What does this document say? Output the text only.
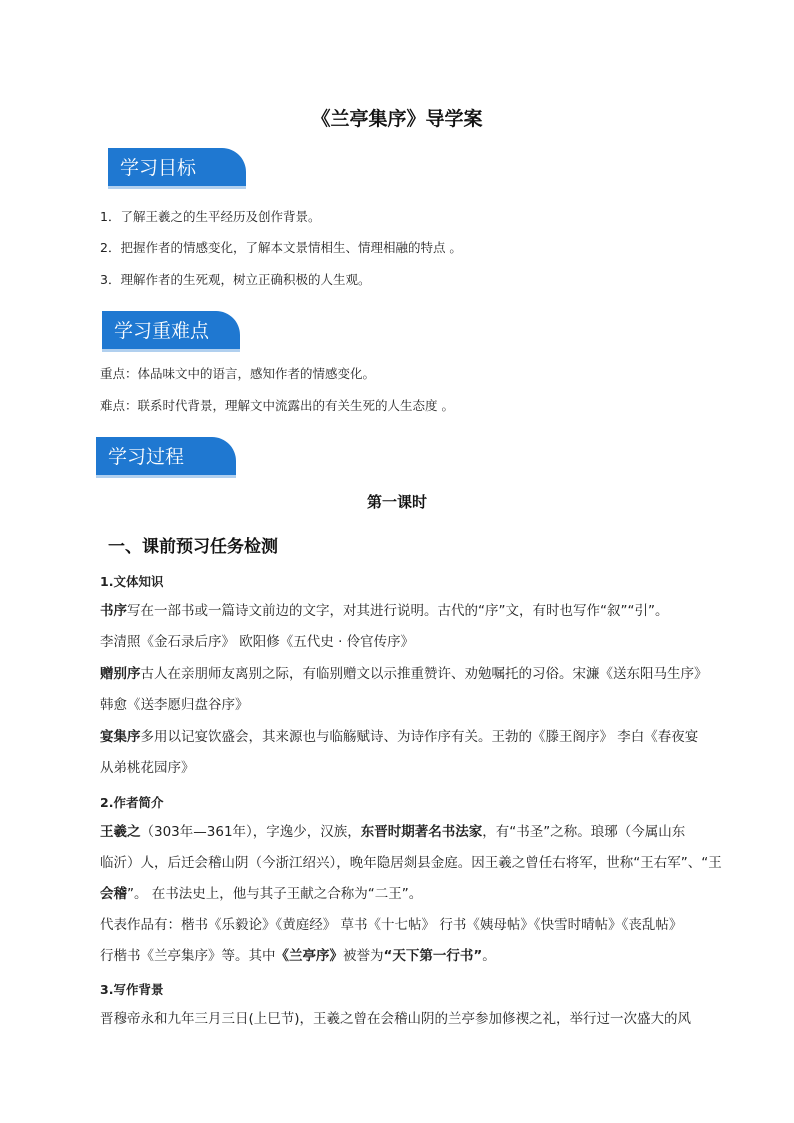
《兰亭集序》导学案
学习目标
1．了解王羲之的生平经历及创作背景。
2．把握作者的情感变化，了解本文景情相生、情理相融的特点 。
3．理解作者的生死观，树立正确积极的人生观。
学习重难点
重点：体品味文中的语言，感知作者的情感变化。
难点：联系时代背景，理解文中流露出的有关生死的人生态度 。
学习过程
第一课时
一、课前预习任务检测
1.文体知识

书序写在一部书或一篇诗文前边的文字，对其进行说明。古代的“序”文，有时也写作“叙”“引”。

李清照《金石录后序》 欧阳修《五代史 · 伶官传序》

赠别序古人在亲朋师友离别之际，有临别赠文以示推重赞许、劝勉嘱托的习俗。宋濂《送东阳马生序》

韩愈《送李愿归盘谷序》

宴集序多用以记宴饮盛会，其来源也与临觞赋诗、为诗作序有关。王勃的《滕王阁序》 李白《春夜宴

从弟桃花园序》

2.作者简介

王羲之（303年—361年），字逸少，汉族，东晋时期著名书法家，有“书圣”之称。琅琊（今属山东

临沂）人，后迁会稽山阴（今浙江绍兴），晚年隐居剡县金庭。因王羲之曾任右将军，世称“王右军”、“王

会稽”。 在书法史上，他与其子王献之合称为“二王”。

代表作品有：楷书《乐毅论》《黄庭经》 草书《十七帖》 行书《姨母帖》《快雪时晴帖》《丧乱帖》

行楷书《兰亭集序》等。其中《兰亭序》被誉为“天下第一行书”。

3.写作背景

晋穆帝永和九年三月三日(上巳节)，王羲之曾在会稽山阴的兰亭参加修禊之礼，举行过一次盛大的风
